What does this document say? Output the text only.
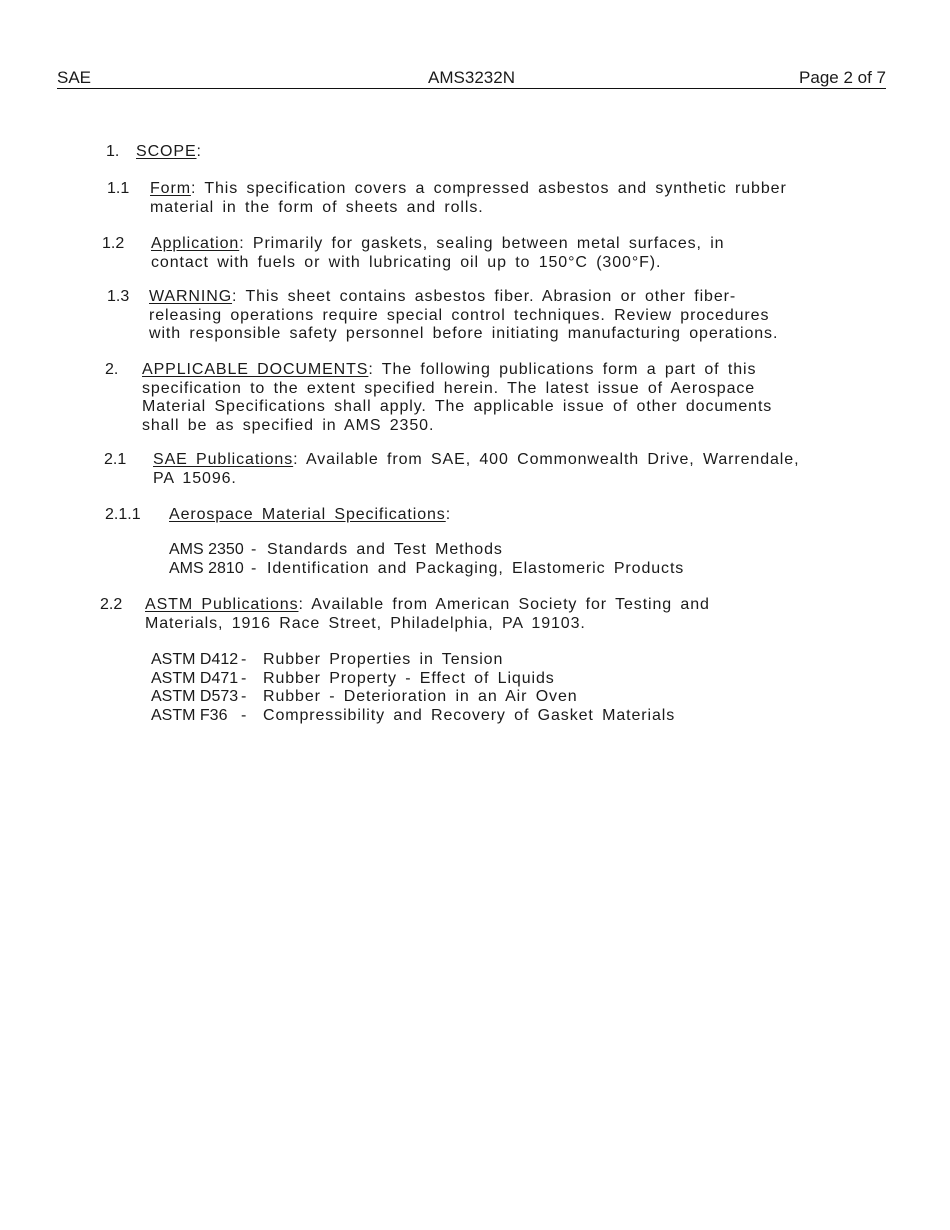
SAE	AMS3232N	Page 2 of 7
1. SCOPE:
1.1 Form: This specification covers a compressed asbestos and synthetic rubber
material in the form of sheets and rolls.
1.2 Application: Primarily for gaskets, sealing between metal surfaces, in
contact with fuels or with lubricating oil up to 150°C (300°F).
1.3 WARNING: This sheet contains asbestos fiber. Abrasion or other fiber-
releasing operations require special control techniques. Review procedures
with responsible safety personnel before initiating manufacturing operations.
2. APPLICABLE DOCUMENTS: The following publications form a part of this
specification to the extent specified herein. The latest issue of Aerospace
Material Specifications shall apply. The applicable issue of other documents
shall be as specified in AMS 2350.
2.1 SAE Publications: Available from SAE, 400 Commonwealth Drive, Warrendale,
PA 15096.
2.1.1 Aerospace Material Specifications:
AMS 2350 - Standards and Test Methods
AMS 2810 - Identification and Packaging, Elastomeric Products
2.2 ASTM Publications: Available from American Society for Testing and
Materials, 1916 Race Street, Philadelphia, PA 19103.
ASTM D412 - Rubber Properties in Tension
ASTM D471 - Rubber Property - Effect of Liquids
ASTM D573 - Rubber - Deterioration in an Air Oven
ASTM F36 - Compressibility and Recovery of Gasket Materials
